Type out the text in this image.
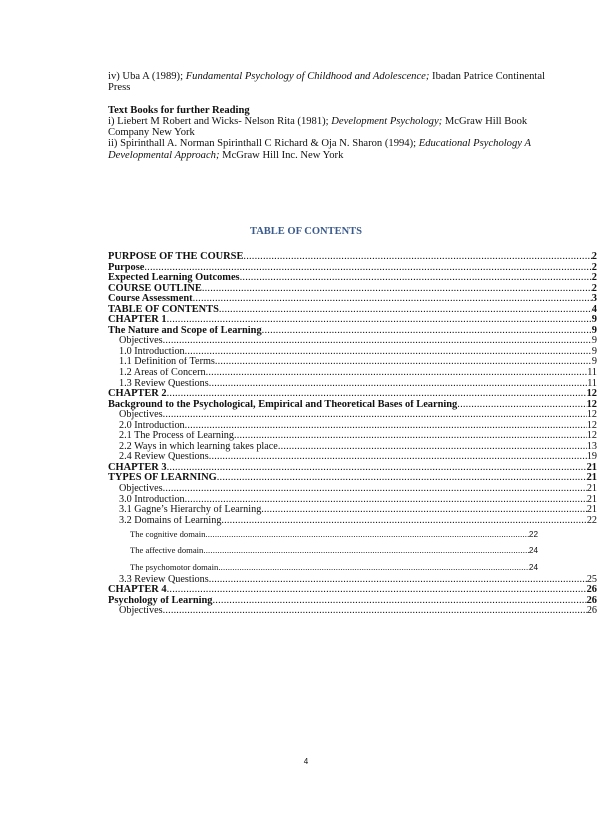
iv) Uba A (1989); Fundamental Psychology of Childhood and Adolescence; Ibadan Patrice Continental Press

Text Books for further Reading

i) Liebert M Robert and Wicks- Nelson Rita (1981); Development Psychology; McGraw Hill Book Company New York

ii) Spirinthall A. Norman Spirinthall C Richard & Oja N. Sharon (1994); Educational Psychology A Developmental Approach; McGraw Hill Inc. New York

TABLE OF CONTENTS
PURPOSE OF THE COURSE .....	2
Purpose .....	2
Expected Learning Outcomes .....	2
COURSE OUTLINE .....	2
Course Assessment .....	3
TABLE OF CONTENTS .....	4
CHAPTER 1 .....	9
The Nature and Scope of Learning .....	9
Objectives .....	9
1.0 Introduction .....	9
1.1 Definition of Terms .....	9
1.2 Areas of Concern .....	11
1.3 Review Questions .....	11
CHAPTER 2 .....	12
Background to the Psychological, Empirical and Theoretical Bases of Learning .....	12
Objectives .....	12
2.0 Introduction .....	12
2.1 The Process of Learning .....	12
2.2 Ways in which learning takes place .....	13
2.4 Review Questions .....	19
CHAPTER 3 .....	21
TYPES OF LEARNING .....	21
Objectives .....	21
3.0 Introduction .....	21
3.1 Gagne’s Hierarchy of Learning .....	21
3.2 Domains of Learning .....	22
The cognitive domain .....	22
The affective domain .....	24
The psychomotor domain .....	24
3.3 Review Questions .....	25
CHAPTER 4 .....	26
Psychology of Learning .....	26
Objectives .....	26
4
